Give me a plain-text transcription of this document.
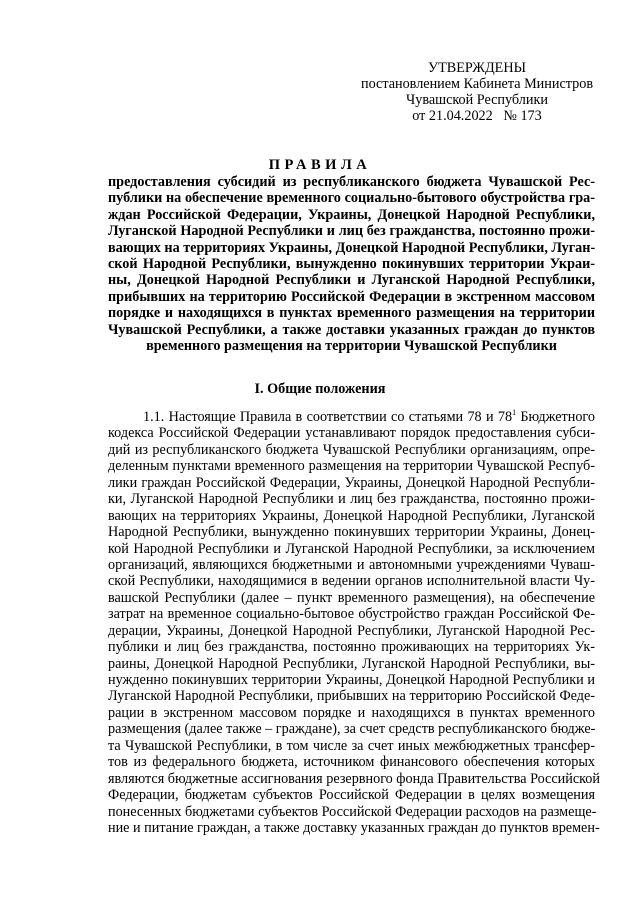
УТВЕРЖДЕНЫ
постановлением Кабинета Министров
Чувашской Республики
от 21.04.2022   № 173
ПРАВИЛА
предоставления субсидий из республиканского бюджета Чувашской Рес-
публики на обеспечение временного социально-бытового обустройства гра-
ждан Российской Федерации, Украины, Донецкой Народной Республики,
Луганской Народной Республики и лиц без гражданства, постоянно прожи-
вающих на территориях Украины, Донецкой Народной Республики, Луган-
ской Народной Республики, вынужденно покинувших территории Украи-
ны, Донецкой Народной Республики и Луганской Народной Республики,
прибывших на территорию Российской Федерации в экстренном массовом
порядке и находящихся в пунктах временного размещения на территории
Чувашской Республики, а также доставки указанных граждан до пунктов
временного размещения на территории Чувашской Республики
I. Общие положения
1.1. Настоящие Правила в соответствии со статьями 78 и $78^1$ Бюджетного
кодекса Российской Федерации устанавливают порядок предоставления субси-
дий из республиканского бюджета Чувашской Республики организациям, опре-
деленным пунктами временного размещения на территории Чувашской Респуб-
лики граждан Российской Федерации, Украины, Донецкой Народной Республи-
ки, Луганской Народной Республики и лиц без гражданства, постоянно прожи-
вающих на территориях Украины, Донецкой Народной Республики, Луганской
Народной Республики, вынужденно покинувших территории Украины, Донец-
кой Народной Республики и Луганской Народной Республики, за исключением
организаций, являющихся бюджетными и автономными учреждениями Чуваш-
ской Республики, находящимися в ведении органов исполнительной власти Чу-
вашской Республики (далее – пункт временного размещения), на обеспечение
затрат на временное социально-бытовое обустройство граждан Российской Фе-
дерации, Украины, Донецкой Народной Республики, Луганской Народной Рес-
публики и лиц без гражданства, постоянно проживающих на территориях Ук-
раины, Донецкой Народной Республики, Луганской Народной Республики, вы-
нужденно покинувших территории Украины, Донецкой Народной Республики и
Луганской Народной Республики, прибывших на территорию Российской Феде-
рации в экстренном массовом порядке и находящихся в пунктах временного
размещения (далее также – граждане), за счет средств республиканского бюдже-
та Чувашской Республики, в том числе за счет иных межбюджетных трансфер-
тов из федерального бюджета, источником финансового обеспечения которых
являются бюджетные ассигнования резервного фонда Правительства Российской
Федерации, бюджетам субъектов Российской Федерации в целях возмещения
понесенных бюджетами субъектов Российской Федерации расходов на размеще-
ние и питание граждан, а также доставку указанных граждан до пунктов времен-
